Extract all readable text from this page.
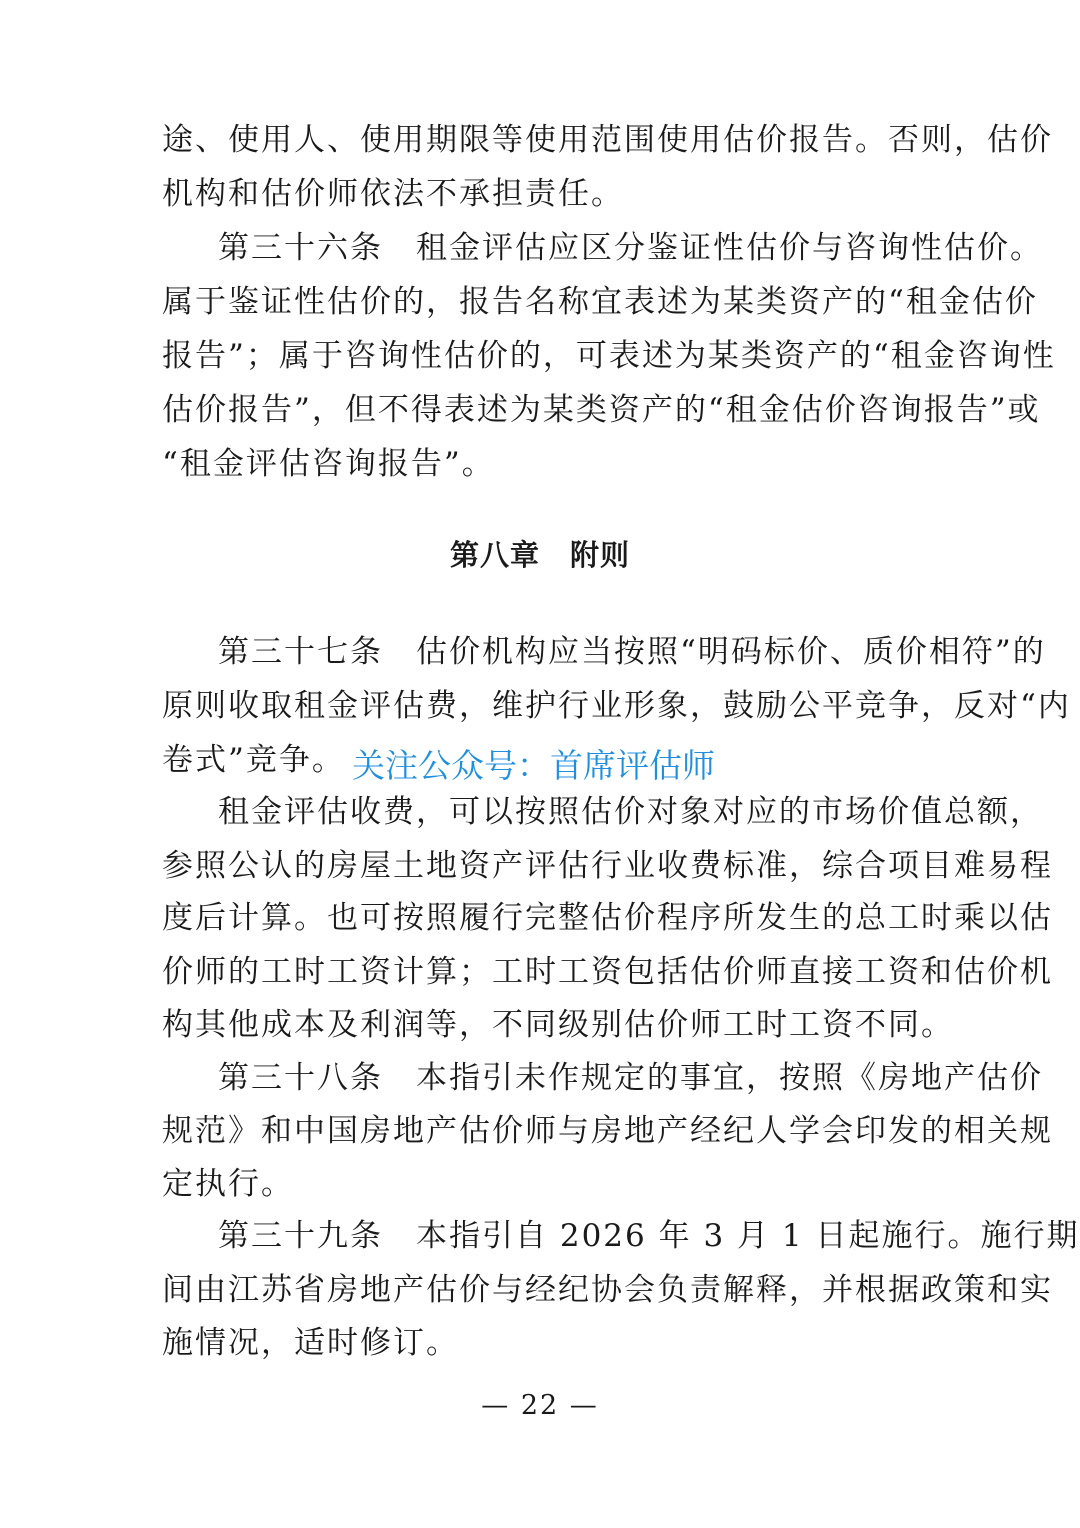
途、使用人、使用期限等使用范围使用估价报告。否则，估价
机构和估价师依法不承担责任。
第三十六条　租金评估应区分鉴证性估价与咨询性估价。
属于鉴证性估价的，报告名称宜表述为某类资产的“租金估价
报告”；属于咨询性估价的，可表述为某类资产的“租金咨询性
估价报告”，但不得表述为某类资产的“租金估价咨询报告”或
“租金评估咨询报告”。
第八章　附则
第三十七条　估价机构应当按照“明码标价、质价相符”的
原则收取租金评估费，维护行业形象，鼓励公平竞争，反对“内
卷式”竞争。 关注公众号：首席评估师
租金评估收费，可以按照估价对象对应的市场价值总额，
参照公认的房屋土地资产评估行业收费标准，综合项目难易程
度后计算。也可按照履行完整估价程序所发生的总工时乘以估
价师的工时工资计算；工时工资包括估价师直接工资和估价机
构其他成本及利润等，不同级别估价师工时工资不同。
第三十八条　本指引未作规定的事宜，按照《房地产估价
规范》和中国房地产估价师与房地产经纪人学会印发的相关规
定执行。
第三十九条　本指引自 2026 年 3 月 1 日起施行。施行期
间由江苏省房地产估价与经纪协会负责解释，并根据政策和实
施情况，适时修订。
— 22 —
